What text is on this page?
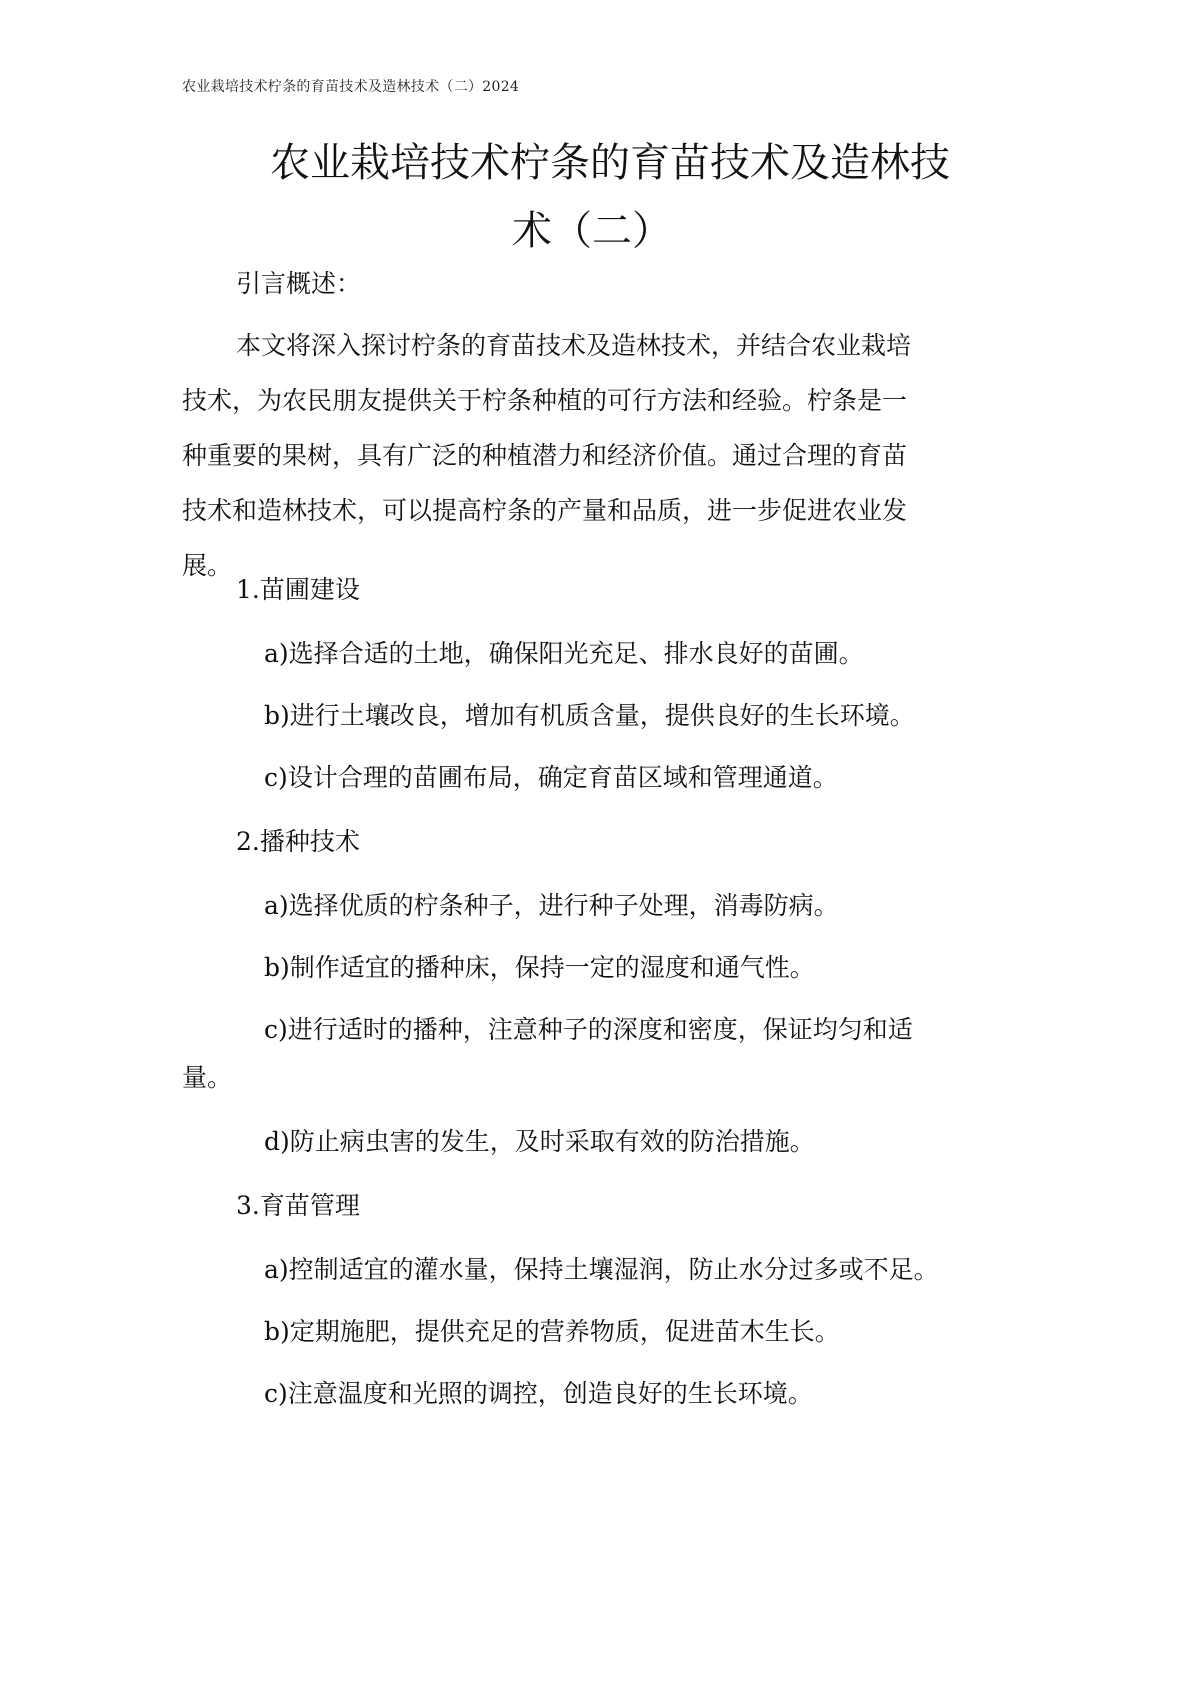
农业栽培技术柠条的育苗技术及造林技术（二）2024
农业栽培技术柠条的育苗技术及造林技
术（二）

引言概述：

本文将深入探讨柠条的育苗技术及造林技术，并结合农业栽培
技术，为农民朋友提供关于柠条种植的可行方法和经验。柠条是一
种重要的果树，具有广泛的种植潜力和经济价值。通过合理的育苗
技术和造林技术，可以提高柠条的产量和品质，进一步促进农业发
展。

1.苗圃建设

a)选择合适的土地，确保阳光充足、排水良好的苗圃。

b)进行土壤改良，增加有机质含量，提供良好的生长环境。

c)设计合理的苗圃布局，确定育苗区域和管理通道。

2.播种技术

a)选择优质的柠条种子，进行种子处理，消毒防病。

b)制作适宜的播种床，保持一定的湿度和通气性。

c)进行适时的播种，注意种子的深度和密度，保证均匀和适

量。

d)防止病虫害的发生，及时采取有效的防治措施。

3.育苗管理

a)控制适宜的灌水量，保持土壤湿润，防止水分过多或不足。

b)定期施肥，提供充足的营养物质，促进苗木生长。

c)注意温度和光照的调控，创造良好的生长环境。
